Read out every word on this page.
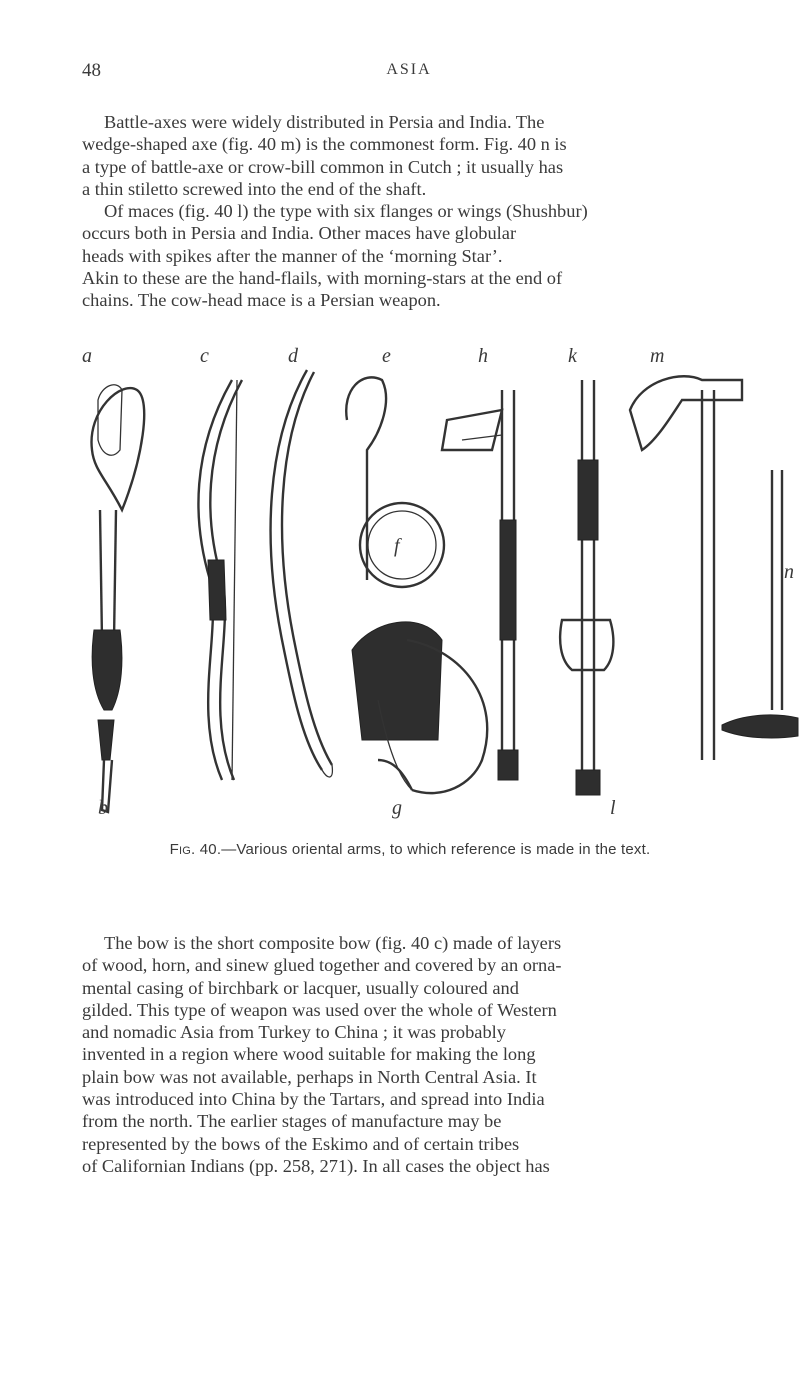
48	ASIA
Battle-axes were widely distributed in Persia and India. The
wedge-shaped axe (fig. 40 m) is the commonest form. Fig. 40 n is
a type of battle-axe or crow-bill common in Cutch ; it usually has
a thin stiletto screwed into the end of the shaft.
Of maces (fig. 40 l) the type with six flanges or wings (Shushbur)
occurs both in Persia and India. Other maces have globular
heads with spikes after the manner of the ‘morning Star’.
Akin to these are the hand-flails, with morning-stars at the end of
chains. The cow-head mace is a Persian weapon.
a	c	d	e	h	k	m
f
l
b	g
n
Fig. 40.—Various oriental arms, to which reference is made in the text.
The bow is the short composite bow (fig. 40 c) made of layers
of wood, horn, and sinew glued together and covered by an orna-
mental casing of birchbark or lacquer, usually coloured and
gilded. This type of weapon was used over the whole of Western
and nomadic Asia from Turkey to China ; it was probably
invented in a region where wood suitable for making the long
plain bow was not available, perhaps in North Central Asia. It
was introduced into China by the Tartars, and spread into India
from the north. The earlier stages of manufacture may be
represented by the bows of the Eskimo and of certain tribes
of Californian Indians (pp. 258, 271). In all cases the object has
